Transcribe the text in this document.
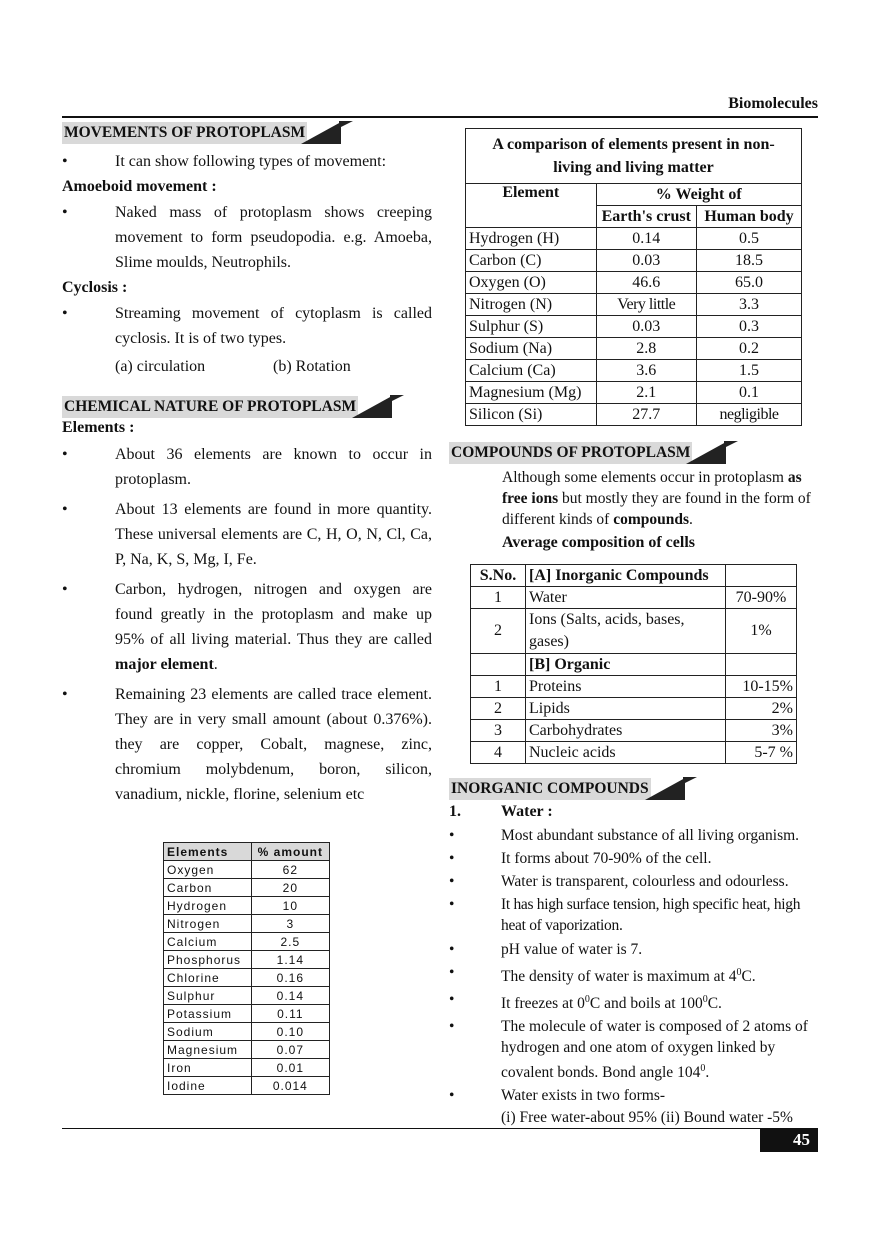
Biomolecules
MOVEMENTS OF PROTOPLASM
•	It can show following types of movement:
Amoeboid movement :
•	Naked mass of protoplasm shows creeping movement to form pseudopodia. e.g. Amoeba, Slime moulds, Neutrophils.
Cyclosis :
•	Streaming movement of cytoplasm is called cyclosis. It is of two types.
(a) circulation	(b) Rotation
CHEMICAL NATURE OF PROTOPLASM
Elements :
•	About 36 elements are known to occur in protoplasm.
•	About 13 elements are found in more quantity. These universal elements are C, H, O, N, Cl, Ca, P, Na, K, S, Mg, I, Fe.
•	Carbon, hydrogen, nitrogen and oxygen are found greatly in the protoplasm and make up 95% of all living material. Thus they are called major element.
•	Remaining 23 elements are called trace element. They are in very small amount (about 0.376%). they are copper, Cobalt, magnese, zinc, chromium molybdenum, boron, silicon, vanadium, nickle, florine, selenium etc
Elements	% amount
Oxygen	62
Carbon	20
Hydrogen	10
Nitrogen	3
Calcium	2.5
Phosphorus	1.14
Chlorine	0.16
Sulphur	0.14
Potassium	0.11
Sodium	0.10
Magnesium	0.07
Iron	0.01
Iodine	0.014
A comparison of elements present in non-living and living matter		
Element	% Weight of	
	Earth's crust	Human body
Hydrogen (H)	0.14	0.5
Carbon (C)	0.03	18.5
Oxygen (O)	46.6	65.0
Nitrogen (N)	Very little	3.3
Sulphur (S)	0.03	0.3
Sodium (Na)	2.8	0.2
Calcium (Ca)	3.6	1.5
Magnesium (Mg)	2.1	0.1
Silicon (Si)	27.7	negligible
COMPOUNDS OF PROTOPLASM
Although some elements occur in protoplasm as free ions but mostly they are found in the form of different kinds of compounds.
Average composition of cells
S.No.	[A] Inorganic Compounds	
1	Water	70-90%
2	Ions (Salts, acids, bases, gases)	1%
	[B] Organic	
1	Proteins	10-15%
2	Lipids	2%
3	Carbohydrates	3%
4	Nucleic acids	5-7 %
INORGANIC COMPOUNDS
1.	Water :
•	Most abundant substance of all living organism.
•	It forms about 70-90% of the cell.
•	Water is transparent, colourless and odourless.
•	It has high surface tension, high specific heat, high heat of vaporization.
•	pH value of water is 7.
•	The density of water is maximum at $4^0C$.
•	It freezes at $0^0C$ and boils at $100^0C$.
•	The molecule of water is composed of 2 atoms of hydrogen and one atom of oxygen linked by covalent bonds. Bond angle $104^0$.
•	Water exists in two forms-
(i) Free water-about 95% (ii) Bound water -5%
45
